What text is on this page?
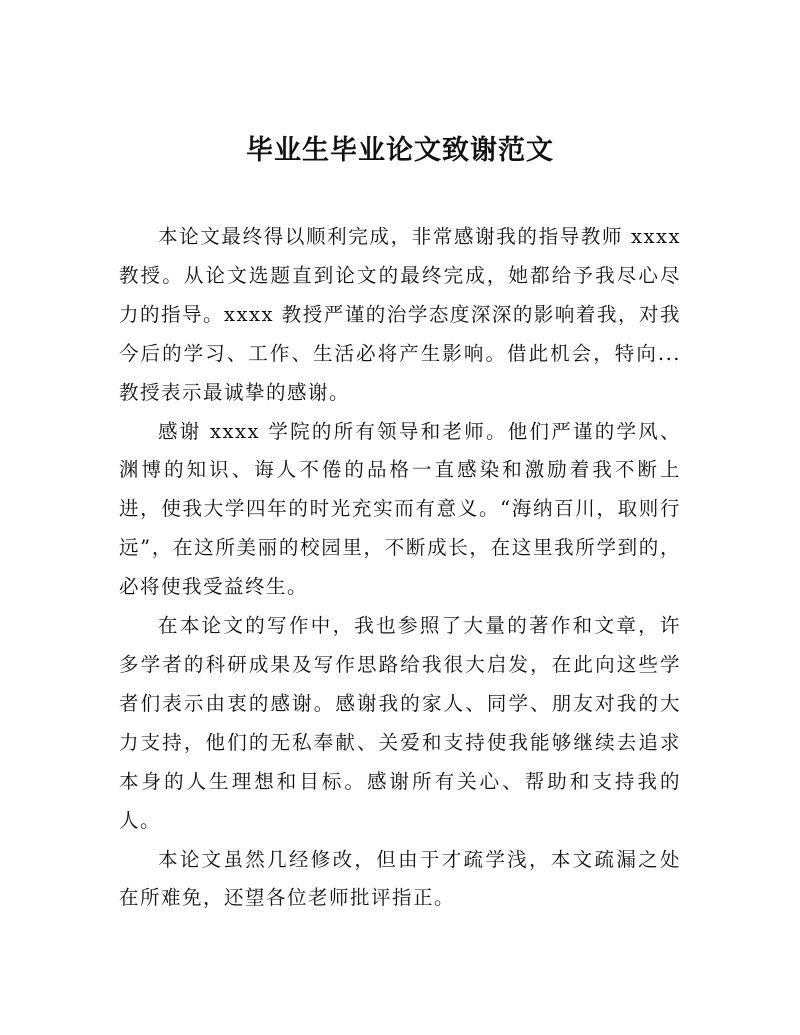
毕业生毕业论文致谢范文

本论文最终得以顺利完成，非常感谢我的指导教师 xxxx 教授。从论文选题直到论文的最终完成，她都给予我尽心尽力的指导。xxxx 教授严谨的治学态度深深的影响着我，对我今后的学习、工作、生活必将产生影响。借此机会，特向...教授表示最诚挚的感谢。

感谢 xxxx 学院的所有领导和老师。他们严谨的学风、渊博的知识、诲人不倦的品格一直感染和激励着我不断上进，使我大学四年的时光充实而有意义。“海纳百川，取则行远”，在这所美丽的校园里，不断成长，在这里我所学到的，必将使我受益终生。

在本论文的写作中，我也参照了大量的著作和文章，许多学者的科研成果及写作思路给我很大启发，在此向这些学者们表示由衷的感谢。感谢我的家人、同学、朋友对我的大力支持，他们的无私奉献、关爱和支持使我能够继续去追求本身的人生理想和目标。感谢所有关心、帮助和支持我的人。

本论文虽然几经修改，但由于才疏学浅，本文疏漏之处在所难免，还望各位老师批评指正。
